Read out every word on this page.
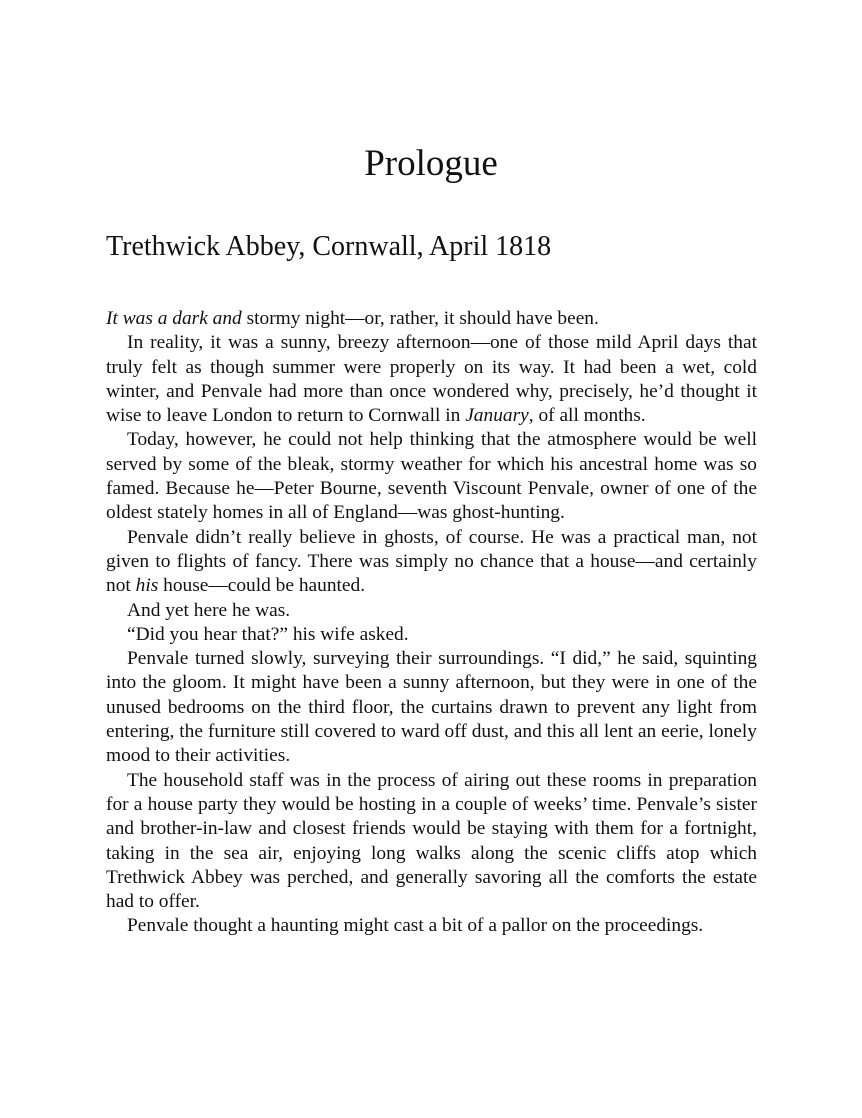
Prologue
Trethwick Abbey, Cornwall, April 1818

It was a dark and stormy night—or, rather, it should have been.

In reality, it was a sunny, breezy afternoon—one of those mild April days that truly felt as though summer were properly on its way. It had been a wet, cold winter, and Penvale had more than once wondered why, precisely, he’d thought it wise to leave London to return to Cornwall in January, of all months.

Today, however, he could not help thinking that the atmosphere would be well served by some of the bleak, stormy weather for which his ancestral home was so famed. Because he—Peter Bourne, seventh Viscount Penvale, owner of one of the oldest stately homes in all of England—was ghost-hunting.

Penvale didn’t really believe in ghosts, of course. He was a practical man, not given to flights of fancy. There was simply no chance that a house—and certainly not his house—could be haunted.

And yet here he was.

“Did you hear that?” his wife asked.

Penvale turned slowly, surveying their surroundings. “I did,” he said, squinting into the gloom. It might have been a sunny afternoon, but they were in one of the unused bedrooms on the third floor, the curtains drawn to prevent any light from entering, the furniture still covered to ward off dust, and this all lent an eerie, lonely mood to their activities.

The household staff was in the process of airing out these rooms in preparation for a house party they would be hosting in a couple of weeks’ time. Penvale’s sister and brother-in-law and closest friends would be staying with them for a fortnight, taking in the sea air, enjoying long walks along the scenic cliffs atop which Trethwick Abbey was perched, and generally savoring all the comforts the estate had to offer.

Penvale thought a haunting might cast a bit of a pallor on the proceedings.
